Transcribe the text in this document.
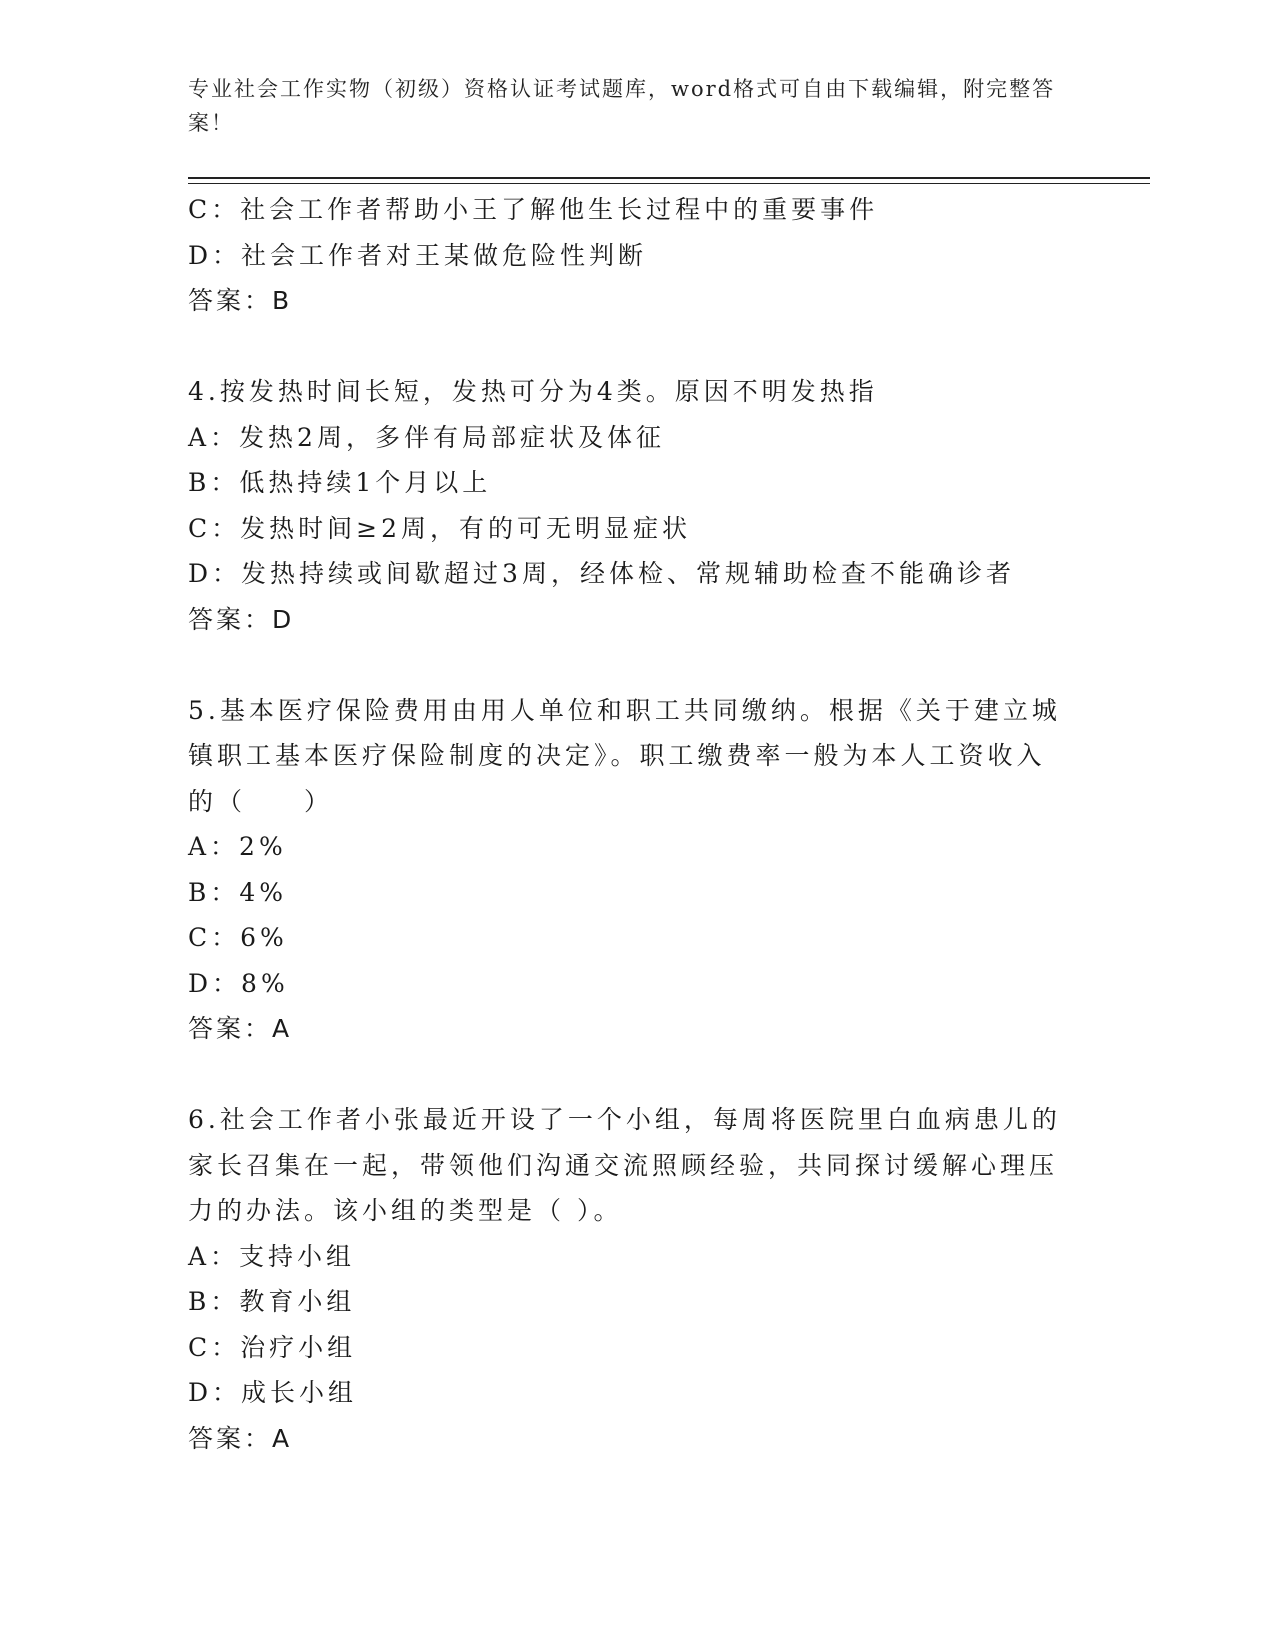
专业社会工作实物（初级）资格认证考试题库，word格式可自由下载编辑，附完整答案！
C：社会工作者帮助小王了解他生长过程中的重要事件
D：社会工作者对王某做危险性判断
答案：B
4.按发热时间长短，发热可分为4类。原因不明发热指
A：发热2周，多伴有局部症状及体征
B：低热持续1个月以上
C：发热时间≥2周，有的可无明显症状
D：发热持续或间歇超过3周，经体检、常规辅助检查不能确诊者
答案：D
5.基本医疗保险费用由用人单位和职工共同缴纳。根据《关于建立城
镇职工基本医疗保险制度的决定》。职工缴费率一般为本人工资收入
的（　　）
A：2%
B：4%
C：6%
D：8%
答案：A
6.社会工作者小张最近开设了一个小组，每周将医院里白血病患儿的
家长召集在一起，带领他们沟通交流照顾经验，共同探讨缓解心理压
力的办法。该小组的类型是（ ）。
A：支持小组
B：教育小组
C：治疗小组
D：成长小组
答案：A
